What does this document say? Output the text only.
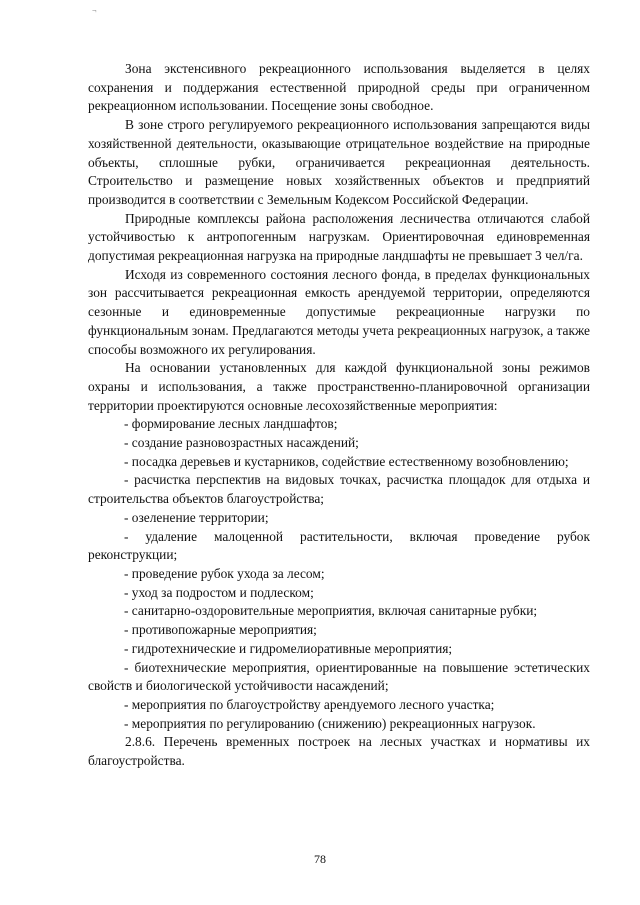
¬

Зона экстенсивного рекреационного использования выделяется в целях сохранения и поддержания естественной природной среды при ограниченном рекреационном использовании. Посещение зоны свободное.

В зоне строго регулируемого рекреационного использования запрещаются виды хозяйственной деятельности, оказывающие отрицательное воздействие на природные объекты, сплошные рубки, ограничивается рекреационная деятельность. Строительство и размещение новых хозяйственных объектов и предприятий производится в соответствии с Земельным Кодексом Российской Федерации.

Природные комплексы района расположения лесничества отличаются слабой устойчивостью к антропогенным нагрузкам. Ориентировочная единовременная допустимая рекреационная нагрузка на природные ландшафты не превышает 3 чел/га.

Исходя из современного состояния лесного фонда, в пределах функциональных зон рассчитывается рекреационная емкость арендуемой территории, определяются сезонные и единовременные допустимые рекреационные нагрузки по функциональным зонам. Предлагаются методы учета рекреационных нагрузок, а также способы возможного их регулирования.

На основании установленных для каждой функциональной зоны режимов охраны и использования, а также пространственно-планировочной организации территории проектируются основные лесохозяйственные мероприятия:

- формирование лесных ландшафтов;

- создание разновозрастных насаждений;

- посадка деревьев и кустарников, содействие естественному возобновлению;

- расчистка перспектив на видовых точках, расчистка площадок для отдыха и строительства объектов благоустройства;

- озеленение территории;

- удаление малоценной растительности, включая проведение рубок реконструкции;

- проведение рубок ухода за лесом;

- уход за подростом и подлеском;

- санитарно-оздоровительные мероприятия, включая санитарные рубки;

- противопожарные мероприятия;

- гидротехнические и гидромелиоративные мероприятия;

- биотехнические мероприятия, ориентированные на повышение эстетических свойств и биологической устойчивости насаждений;

- мероприятия по благоустройству арендуемого лесного участка;

- мероприятия по регулированию (снижению) рекреационных нагрузок.

2.8.6. Перечень временных построек на лесных участках и нормативы их благоустройства.

78
